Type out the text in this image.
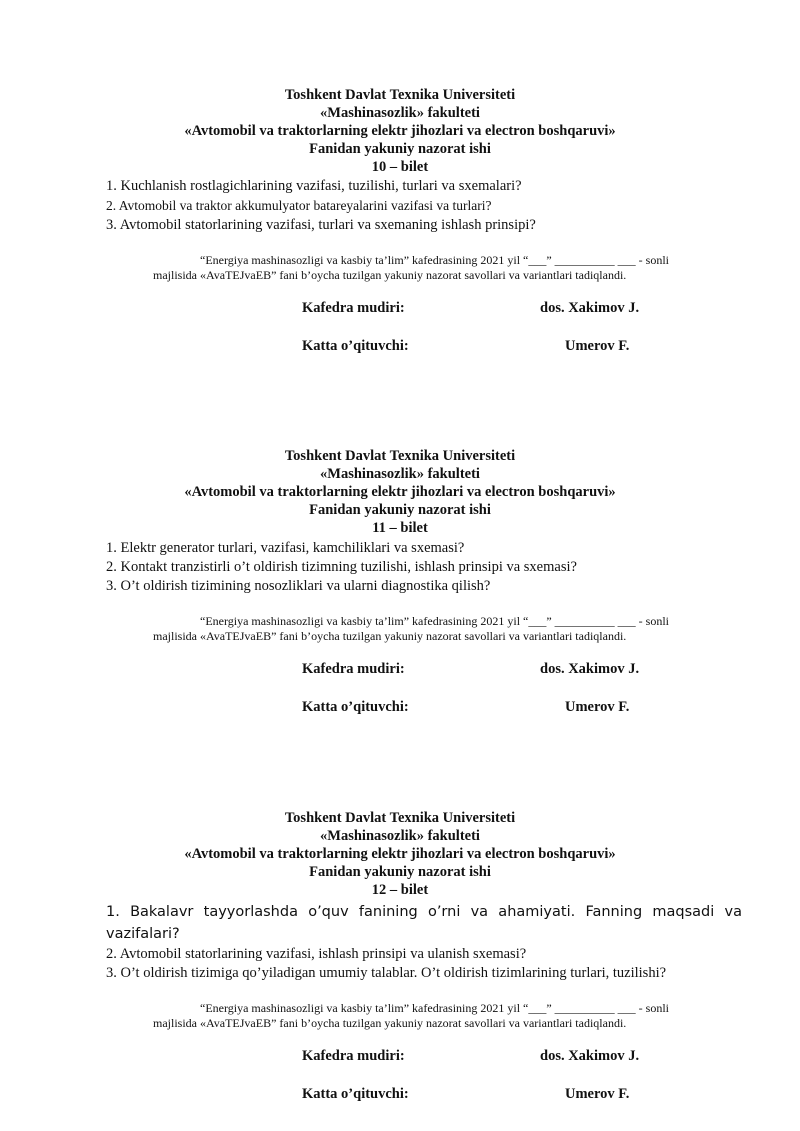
Toshkent Davlat Texnika Universiteti

«Mashinasozlik» fakulteti

«Avtomobil va traktorlarning elektr jihozlari va electron boshqaruvi»

Fanidan yakuniy nazorat ishi

10 – bilet

1. Kuchlanish rostlagichlarining vazifasi, tuzilishi, turlari va sxemalari?

2. Avtomobil va traktor akkumulyator batareyalarini vazifasi va turlari?

3. Avtomobil statorlarining vazifasi, turlari va sxemaning ishlash prinsipi?

“Energiya mashinasozligi va kasbiy ta’lim” kafedrasining 2021 yil “___” __________ ___ - sonli
majlisida «AvaTEJvaEB” fani b’oycha tuzilgan yakuniy nazorat savollari va variantlari tadiqlandi.
Kafedra mudiri:	dos. Xakimov J.
Katta o’qituvchi:	Umerov F.

Toshkent Davlat Texnika Universiteti

«Mashinasozlik» fakulteti

«Avtomobil va traktorlarning elektr jihozlari va electron boshqaruvi»

Fanidan yakuniy nazorat ishi

11 – bilet

1. Elektr generator turlari, vazifasi, kamchiliklari va sxemasi?

2. Kontakt tranzistirli o’t oldirish tizimning tuzilishi, ishlash prinsipi va sxemasi?

3. O’t oldirish tizimining nosozliklari va ularni diagnostika qilish?

“Energiya mashinasozligi va kasbiy ta’lim” kafedrasining 2021 yil “___” __________ ___ - sonli
majlisida «AvaTEJvaEB” fani b’oycha tuzilgan yakuniy nazorat savollari va variantlari tadiqlandi.
Kafedra mudiri:	dos. Xakimov J.
Katta o’qituvchi:	Umerov F.

Toshkent Davlat Texnika Universiteti

«Mashinasozlik» fakulteti

«Avtomobil va traktorlarning elektr jihozlari va electron boshqaruvi»

Fanidan yakuniy nazorat ishi

12 – bilet

1. Bakalavr tayyorlashda o’quv fanining o’rni va ahamiyati. Fanning maqsadi va vazifalari?

2. Avtomobil statorlarining vazifasi, ishlash prinsipi va ulanish sxemasi?

3. O’t oldirish tizimiga qo’yiladigan umumiy talablar. O’t oldirish tizimlarining turlari, tuzilishi?

“Energiya mashinasozligi va kasbiy ta’lim” kafedrasining 2021 yil “___” __________ ___ - sonli
majlisida «AvaTEJvaEB” fani b’oycha tuzilgan yakuniy nazorat savollari va variantlari tadiqlandi.
Kafedra mudiri:	dos. Xakimov J.
Katta o’qituvchi:	Umerov F.
